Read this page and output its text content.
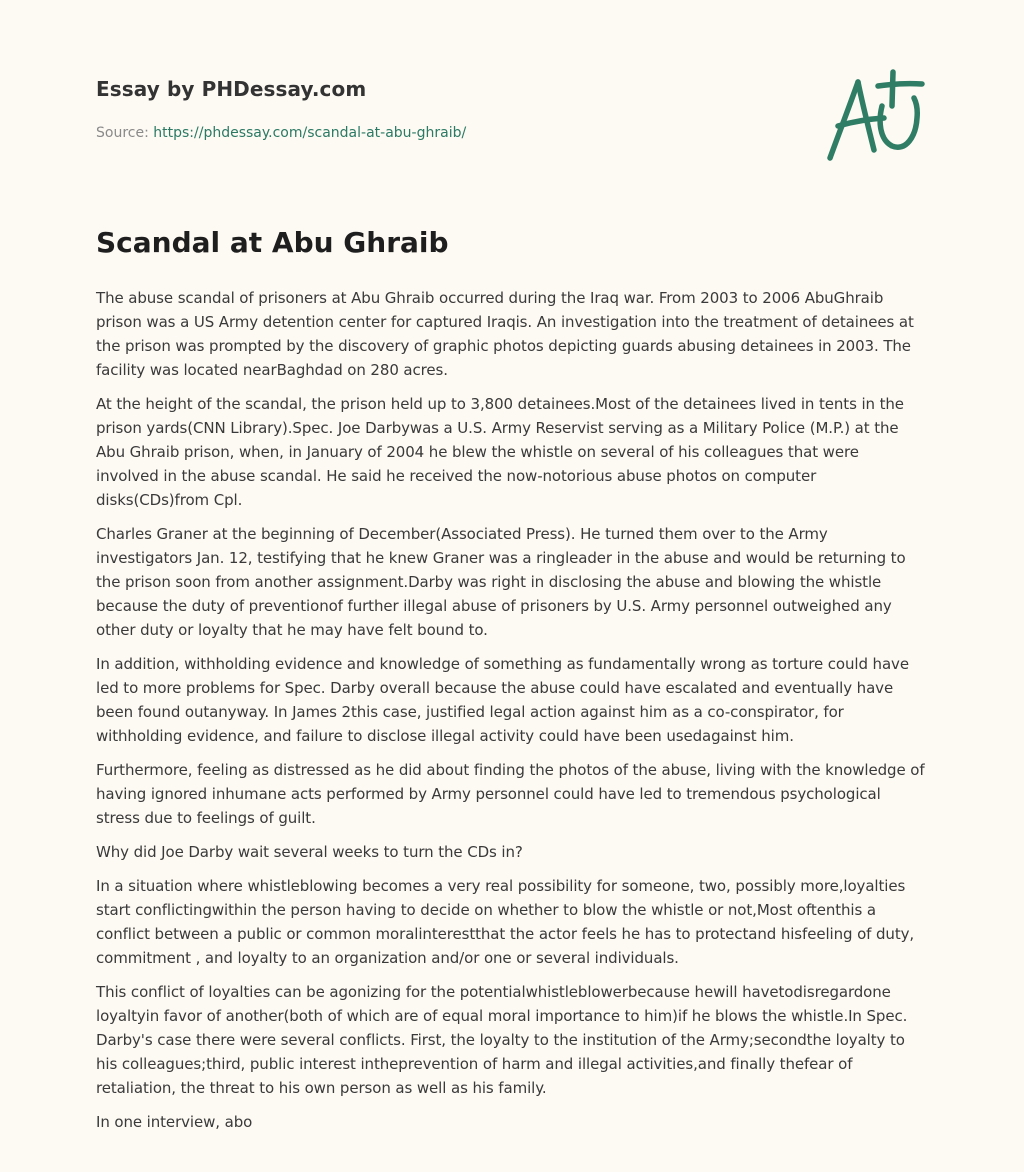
Essay by PHDessay.com
Source: https://phdessay.com/scandal-at-abu-ghraib/
Scandal at Abu Ghraib

The abuse scandal of prisoners at Abu Ghraib occurred during the Iraq war. From 2003 to 2006 AbuGhraib prison was a US Army detention center for captured Iraqis. An investigation into the treatment of detainees at the prison was prompted by the discovery of graphic photos depicting guards abusing detainees in 2003. The facility was located nearBaghdad on 280 acres.

At the height of the scandal, the prison held up to 3,800 detainees.Most of the detainees lived in tents in the prison yards(CNN Library).Spec. Joe Darbywas a U.S. Army Reservist serving as a Military Police (M.P.) at the Abu Ghraib prison, when, in January of 2004 he blew the whistle on several of his colleagues that were involved in the abuse scandal. He said he received the now-notorious abuse photos on computer disks(CDs)from Cpl.

Charles Graner at the beginning of December(Associated Press). He turned them over to the Army investigators Jan. 12, testifying that he knew Graner was a ringleader in the abuse and would be returning to the prison soon from another assignment.Darby was right in disclosing the abuse and blowing the whistle because the duty of preventionof further illegal abuse of prisoners by U.S. Army personnel outweighed any other duty or loyalty that he may have felt bound to.

In addition, withholding evidence and knowledge of something as fundamentally wrong as torture could have led to more problems for Spec. Darby overall because the abuse could have escalated and eventually have been found outanyway. In James 2this case, justified legal action against him as a co-conspirator, for withholding evidence, and failure to disclose illegal activity could have been usedagainst him.

Furthermore, feeling as distressed as he did about finding the photos of the abuse, living with the knowledge of having ignored inhumane acts performed by Army personnel could have led to tremendous psychological stress due to feelings of guilt.

Why did Joe Darby wait several weeks to turn the CDs in?

In a situation where whistleblowing becomes a very real possibility for someone, two, possibly more,loyalties start conflictingwithin the person having to decide on whether to blow the whistle or not,Most oftenthis a conflict between a public or common moralinterestthat the actor feels he has to protectand hisfeeling of duty, commitment , and loyalty to an organization and/or one or several individuals.

This conflict of loyalties can be agonizing for the potentialwhistleblowerbecause hewill havetodisregardone loyaltyin favor of another(both of which are of equal moral importance to him)if he blows the whistle.In Spec. Darby's case there were several conflicts. First, the loyalty to the institution of the Army;secondthe loyalty to his colleagues;third, public interest intheprevention of harm and illegal activities,and finally thefear of retaliation, the threat to his own person as well as his family.

In one interview, abo
